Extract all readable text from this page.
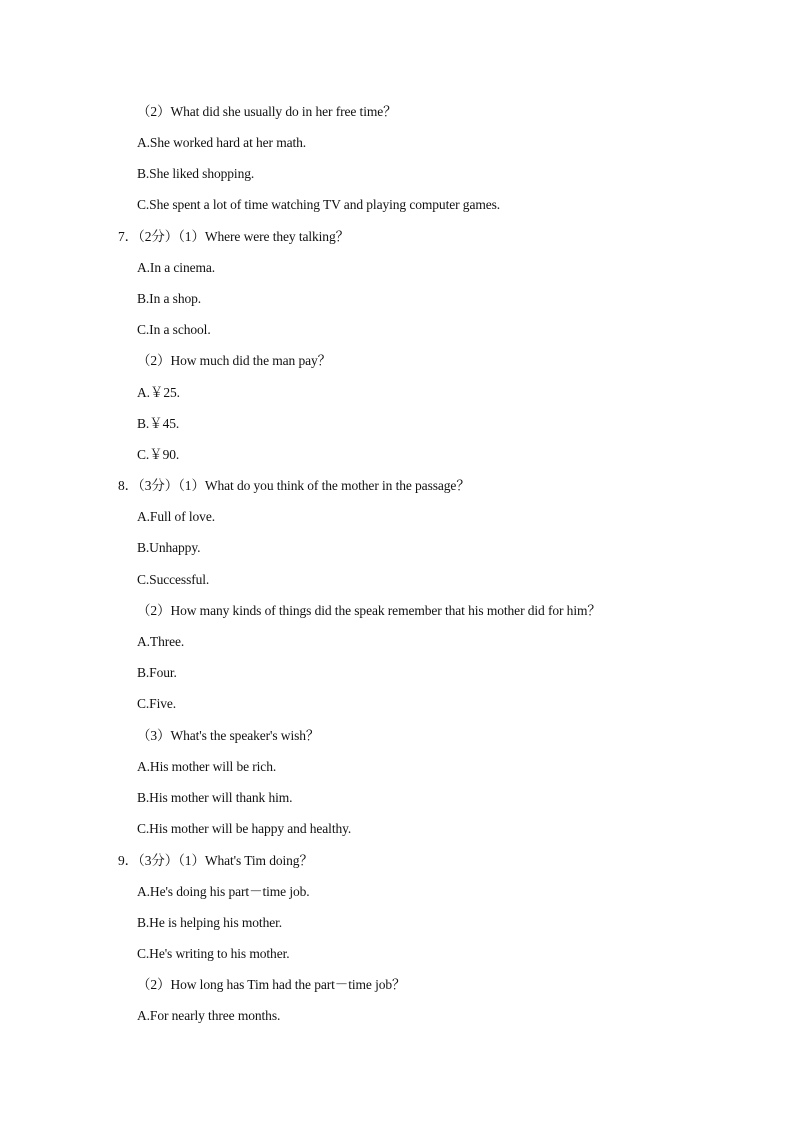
（2）What did she usually do in her free time？
A.She worked hard at her math.
B.She liked shopping.
C.She spent a lot of time watching TV and playing computer games.
7．（2分）（1）Where were they talking？
A.In a cinema.
B.In a shop.
C.In a school.
（2）How much did the man pay？
A.￥25.
B.￥45.
C.￥90.
8．（3分）（1）What do you think of the mother in the passage？
A.Full of love.
B.Unhappy.
C.Successful.
（2）How many kinds of things did the speak remember that his mother did for him？
A.Three.
B.Four.
C.Five.
（3）What's the speaker's wish？
A.His mother will be rich.
B.His mother will thank him.
C.His mother will be happy and healthy.
9．（3分）（1）What's Tim doing？
A.He's doing his part－time job.
B.He is helping his mother.
C.He's writing to his mother.
（2）How long has Tim had the part－time job？
A.For nearly three months.
